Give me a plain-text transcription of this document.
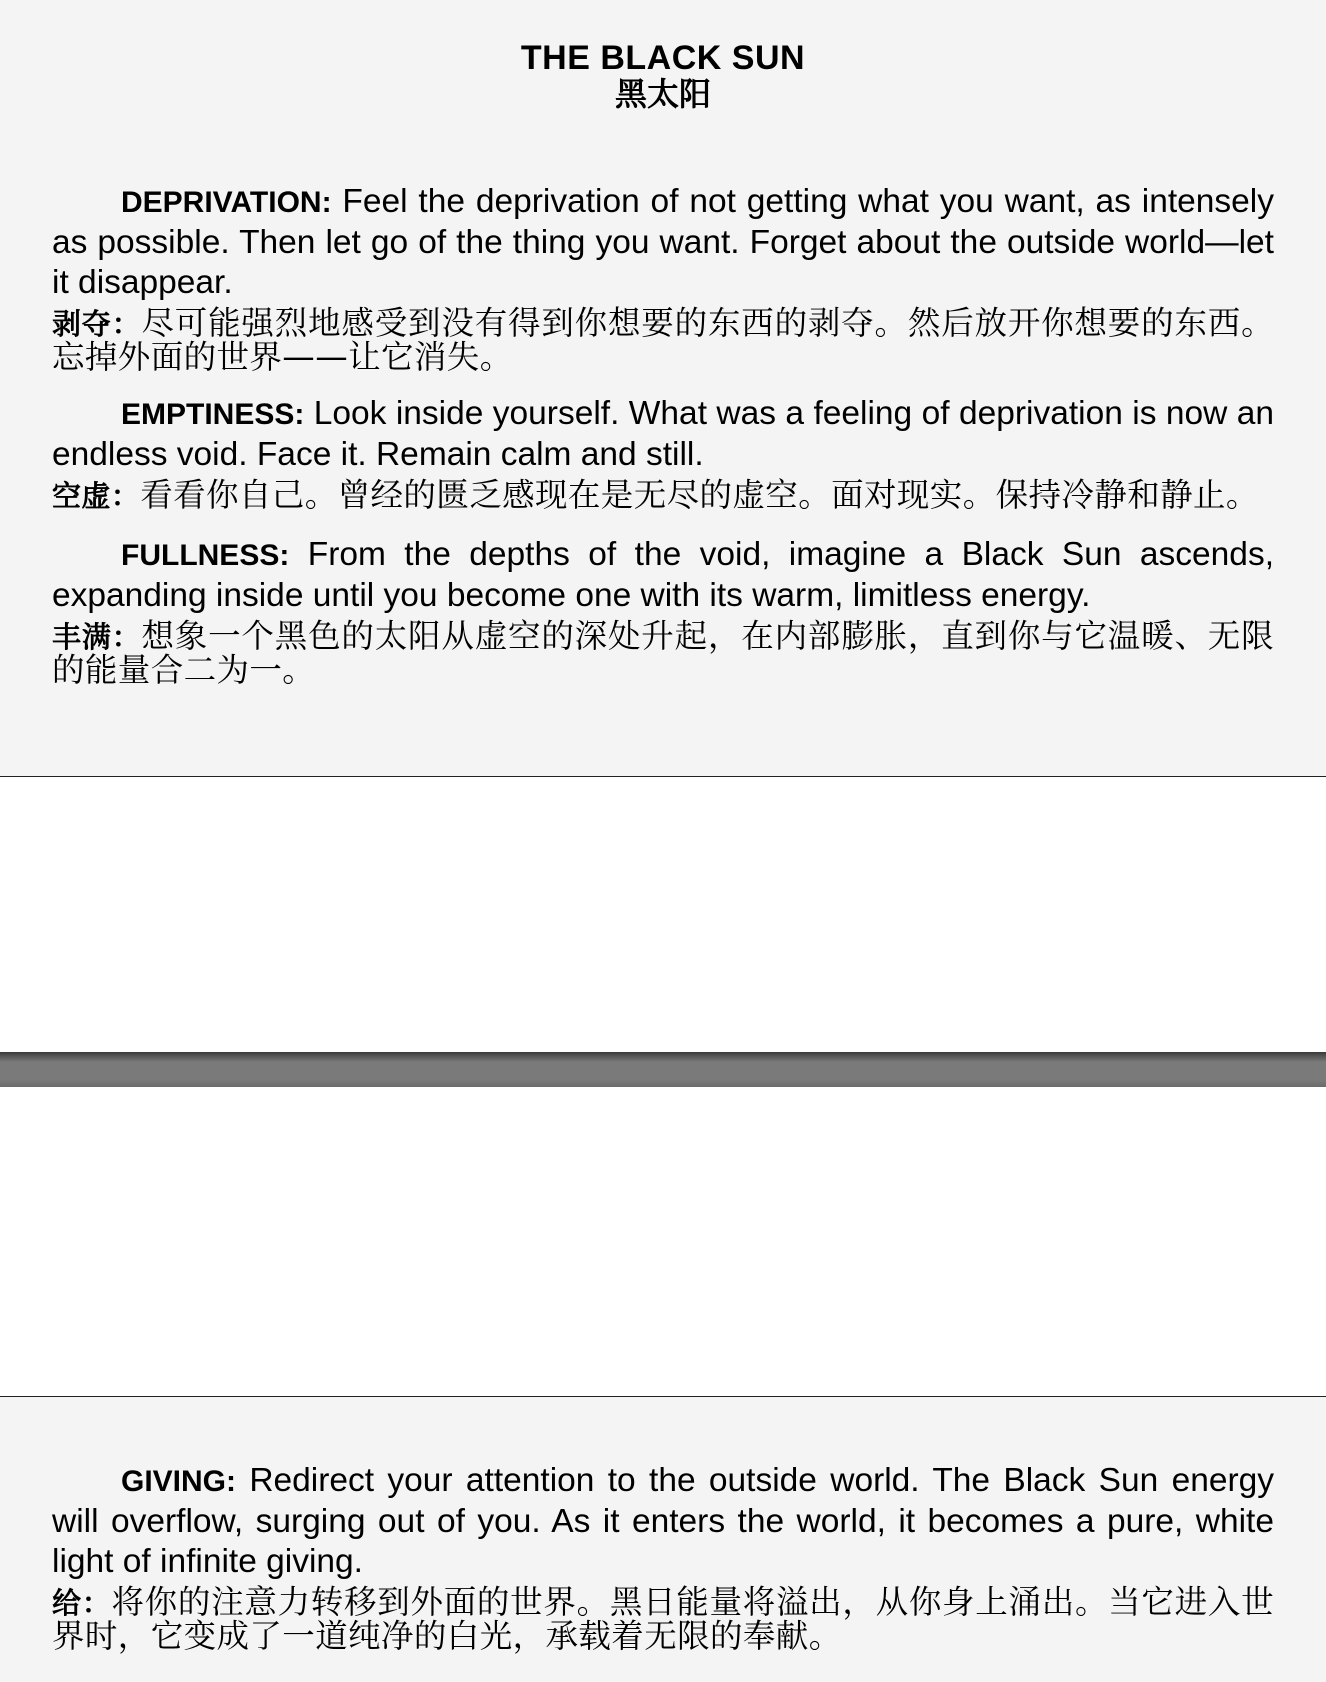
THE BLACK SUN
黑太阳

DEPRIVATION: Feel the deprivation of not getting what you want, as intensely as possible. Then let go of the thing you want. Forget about the outside world—let it disappear.

剥夺：尽可能强烈地感受到没有得到你想要的东西的剥夺。然后放开你想要的东西。忘掉外面的世界——让它消失。

EMPTINESS: Look inside yourself. What was a feeling of deprivation is now an endless void. Face it. Remain calm and still.

空虚：看看你自己。曾经的匮乏感现在是无尽的虚空。面对现实。保持冷静和静止。

FULLNESS: From the depths of the void, imagine a Black Sun ascends, expanding inside until you become one with its warm, limitless energy.

丰满：想象一个黑色的太阳从虚空的深处升起，在内部膨胀，直到你与它温暖、无限的能量合二为一。

GIVING: Redirect your attention to the outside world. The Black Sun energy will overflow, surging out of you. As it enters the world, it becomes a pure, white light of infinite giving.

给：将你的注意力转移到外面的世界。黑日能量将溢出，从你身上涌出。当它进入世界时，它变成了一道纯净的白光，承载着无限的奉献。
